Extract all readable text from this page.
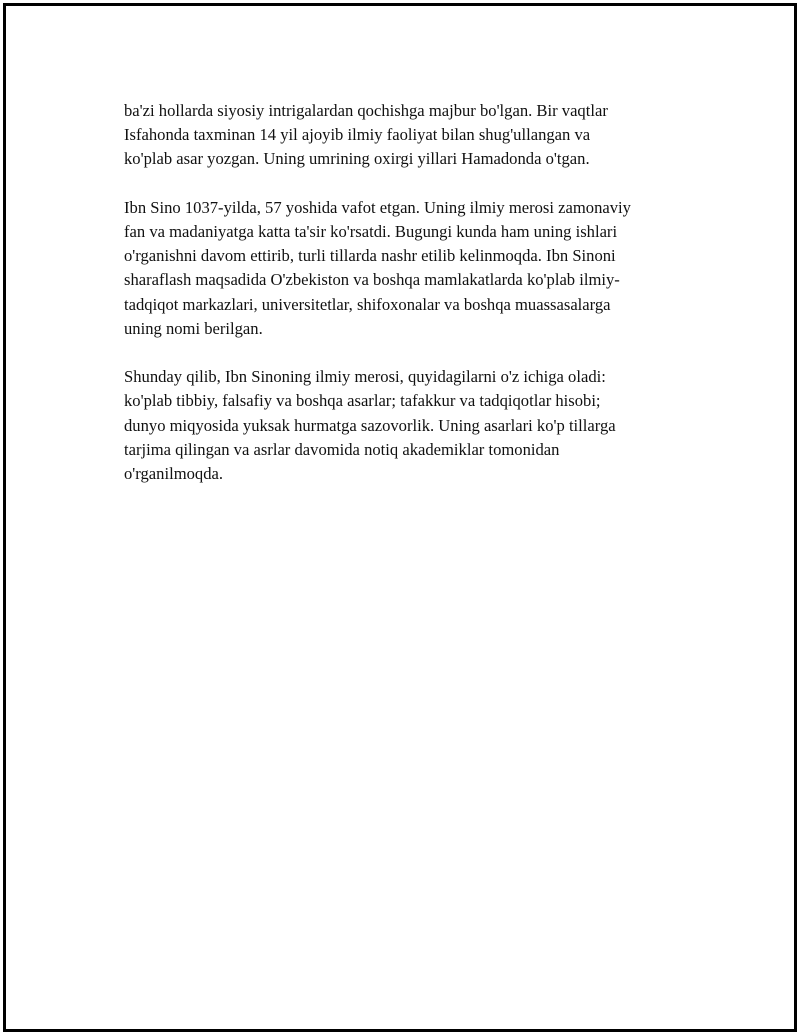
ba'zi hollarda siyosiy intrigalardan qochishga majbur bo'lgan. Bir vaqtlar
Isfahonda taxminan 14 yil ajoyib ilmiy faoliyat bilan shug'ullangan va
ko'plab asar yozgan. Uning umrining oxirgi yillari Hamadonda o'tgan.

Ibn Sino 1037-yilda, 57 yoshida vafot etgan. Uning ilmiy merosi zamonaviy
fan va madaniyatga katta ta'sir ko'rsatdi. Bugungi kunda ham uning ishlari
o'rganishni davom ettirib, turli tillarda nashr etilib kelinmoqda. Ibn Sinoni
sharaflash maqsadida O'zbekiston va boshqa mamlakatlarda ko'plab ilmiy-
tadqiqot markazlari, universitetlar, shifoxonalar va boshqa muassasalarga
uning nomi berilgan.

Shunday qilib, Ibn Sinoning ilmiy merosi, quyidagilarni o'z ichiga oladi:
ko'plab tibbiy, falsafiy va boshqa asarlar; tafakkur va tadqiqotlar hisobi;
dunyo miqyosida yuksak hurmatga sazovorlik. Uning asarlari ko'p tillarga
tarjima qilingan va asrlar davomida notiq akademiklar tomonidan
o'rganilmoqda.
